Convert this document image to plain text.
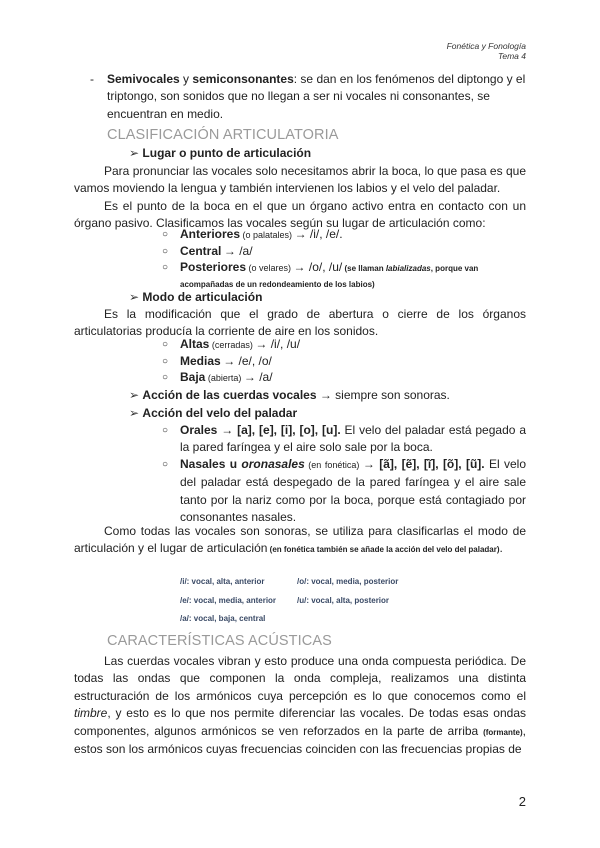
Fonética y Fonología
Tema 4
- Semivocales y semiconsonantes: se dan en los fenómenos del diptongo y el triptongo, son sonidos que no llegan a ser ni vocales ni consonantes, se encuentran en medio.
CLASIFICACIÓN ARTICULATORIA
➢ Lugar o punto de articulación
Para pronunciar las vocales solo necesitamos abrir la boca, lo que pasa es que vamos moviendo la lengua y también intervienen los labios y el velo del paladar.
Es el punto de la boca en el que un órgano activo entra en contacto con un órgano pasivo. Clasificamos las vocales según su lugar de articulación como:
○ Anteriores (o palatales) → /i/, /e/.
○ Central → /a/
○ Posteriores (o velares) → /o/, /u/ (se llaman labializadas, porque van acompañadas de un redondeamiento de los labios)
➢ Modo de articulación
Es la modificación que el grado de abertura o cierre de los órganos articulatorias producía la corriente de aire en los sonidos.
○ Altas (cerradas) → /i/, /u/
○ Medias → /e/, /o/
○ Baja (abierta) → /a/
➢ Acción de las cuerdas vocales → siempre son sonoras.
➢ Acción del velo del paladar
○ Orales → [a], [e], [i], [o], [u]. El velo del paladar está pegado a la pared faríngea y el aire solo sale por la boca.
○ Nasales u oronasales (en fonética) → [ã], [ẽ], [ĩ], [õ], [ũ]. El velo del paladar está despegado de la pared faríngea y el aire sale tanto por la nariz como por la boca, porque está contagiado por consonantes nasales.
Como todas las vocales son sonoras, se utiliza para clasificarlas el modo de articulación y el lugar de articulación (en fonética también se añade la acción del velo del paladar).
/i/: vocal, alta, anterior	/o/: vocal, media, posterior
/e/: vocal, media, anterior	/u/: vocal, alta, posterior
/a/: vocal, baja, central
CARACTERÍSTICAS ACÚSTICAS
Las cuerdas vocales vibran y esto produce una onda compuesta periódica. De todas las ondas que componen la onda compleja, realizamos una distinta estructuración de los armónicos cuya percepción es lo que conocemos como el timbre, y esto es lo que nos permite diferenciar las vocales. De todas esas ondas componentes, algunos armónicos se ven reforzados en la parte de arriba (formante), estos son los armónicos cuyas frecuencias coinciden con las frecuencias propias de
2
